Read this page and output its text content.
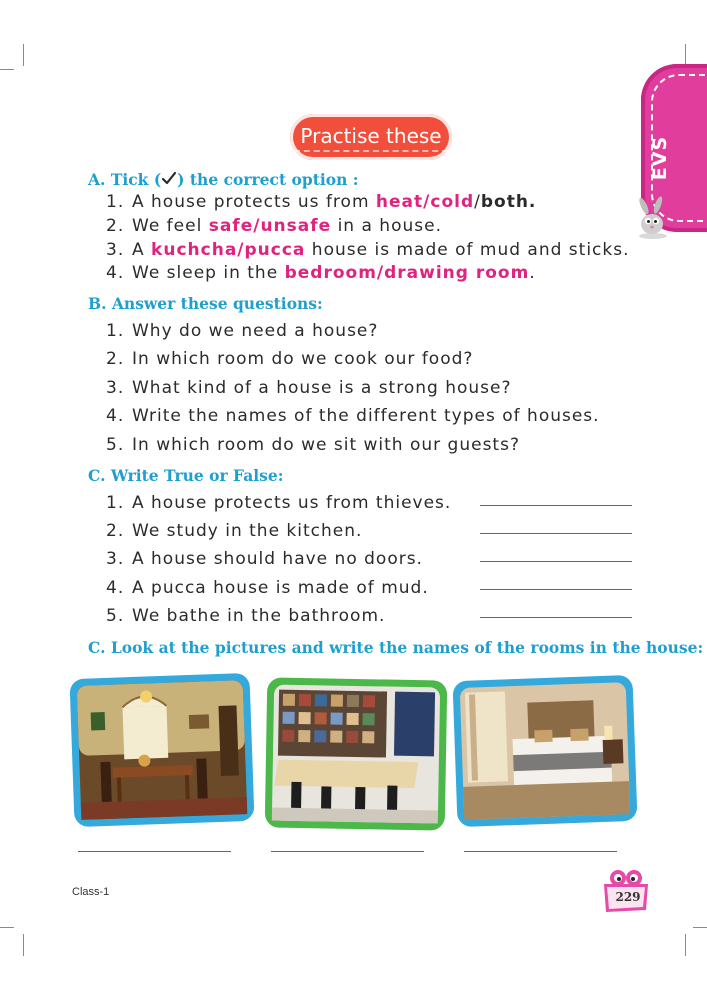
EVS
Practise these
A. Tick ( ) the correct option :
1. A house protects us from heat/cold/both.
2. We feel safe/unsafe in a house.
3. A kuchcha/pucca house is made of mud and sticks.
4. We sleep in the bedroom/drawing room.
B. Answer these questions:
1. Why do we need a house?
2. In which room do we cook our food?
3. What kind of a house is a strong house?
4. Write the names of the different types of houses.
5. In which room do we sit with our guests?
C. Write True or False:
1. A house protects us from thieves.
2. We study in the kitchen.
3. A house should have no doors.
4. A pucca house is made of mud.
5. We bathe in the bathroom.
C. Look at the pictures and write the names of the rooms in the house:
Class-1	229
